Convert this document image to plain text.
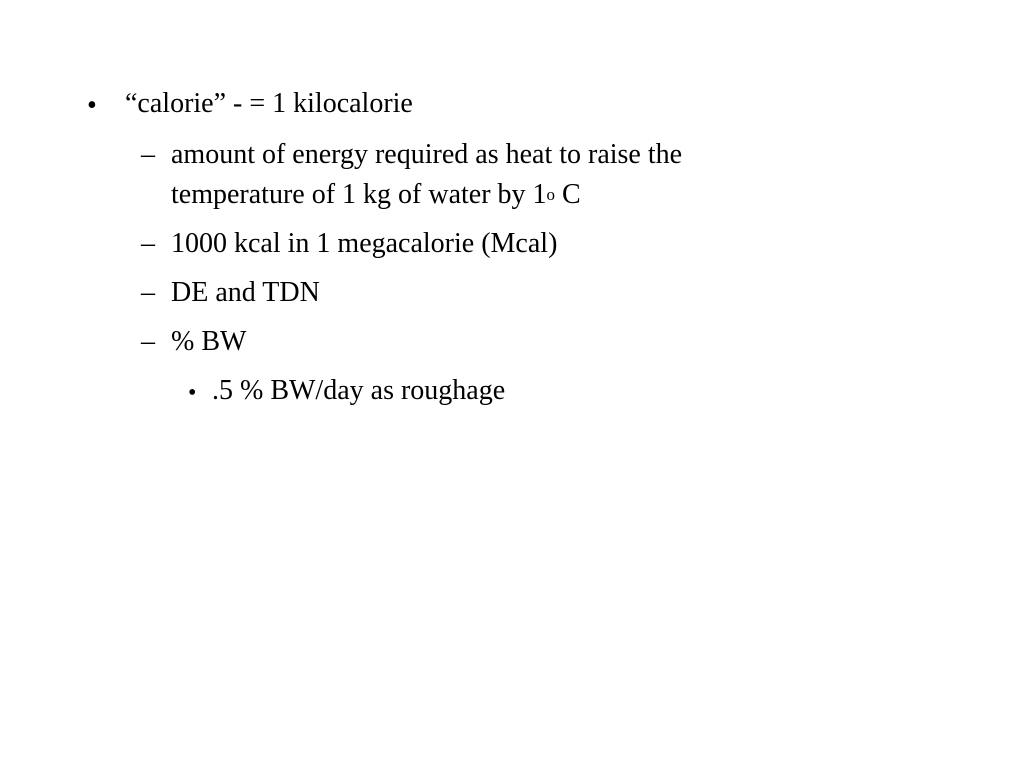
• “calorie” - = 1 kilocalorie
– amount of energy required as heat to raise the
temperature of 1 kg of water by 1$^o$ C
– 1000 kcal in 1 megacalorie (Mcal)
– DE and TDN
– % BW
• .5 % BW/day as roughage
